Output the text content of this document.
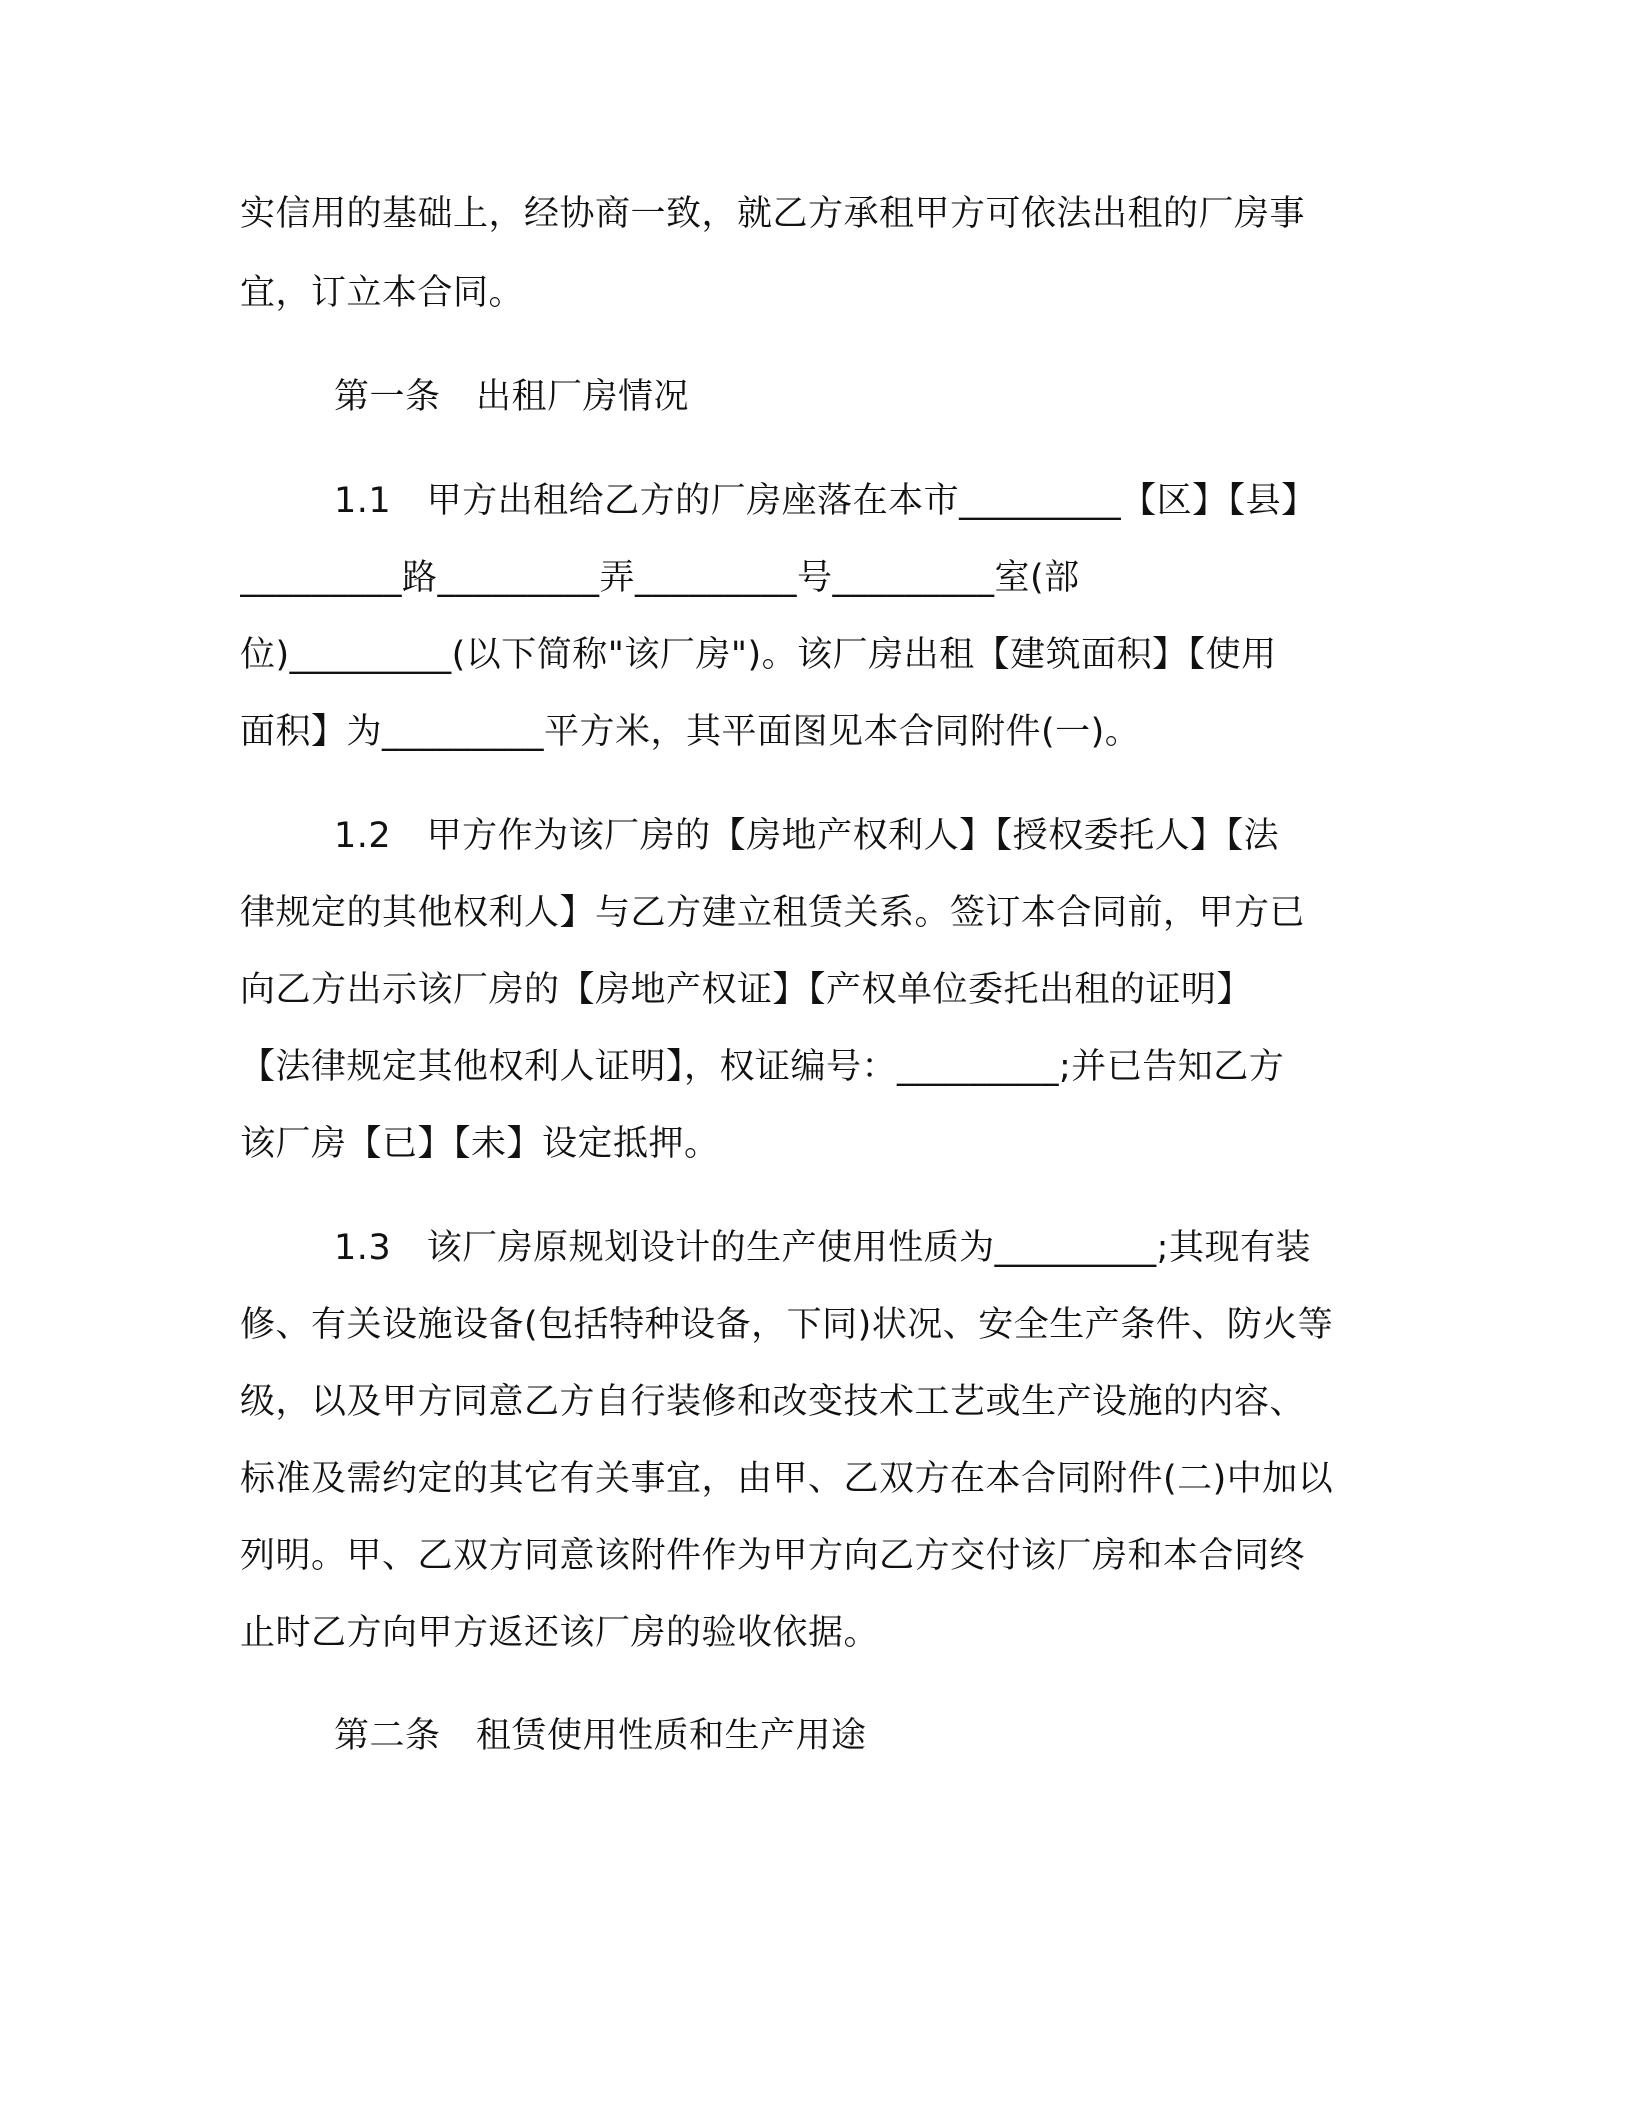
实信用的基础上，经协商一致，就乙方承租甲方可依法出租的厂房事
宜，订立本合同。
第一条　出租厂房情况
1.1　甲方出租给乙方的厂房座落在本市_________【区】【县】
_________路_________弄_________号_________室(部
位)_________(以下简称"该厂房")。该厂房出租【建筑面积】【使用
面积】为_________平方米，其平面图见本合同附件(一)。
1.2　甲方作为该厂房的【房地产权利人】【授权委托人】【法
律规定的其他权利人】与乙方建立租赁关系。签订本合同前，甲方已
向乙方出示该厂房的【房地产权证】【产权单位委托出租的证明】
【法律规定其他权利人证明】，权证编号：_________;并已告知乙方
该厂房【已】【未】设定抵押。
1.3　该厂房原规划设计的生产使用性质为_________;其现有装
修、有关设施设备(包括特种设备，下同)状况、安全生产条件、防火等
级，以及甲方同意乙方自行装修和改变技术工艺或生产设施的内容、
标准及需约定的其它有关事宜，由甲、乙双方在本合同附件(二)中加以
列明。甲、乙双方同意该附件作为甲方向乙方交付该厂房和本合同终
止时乙方向甲方返还该厂房的验收依据。
第二条　租赁使用性质和生产用途
